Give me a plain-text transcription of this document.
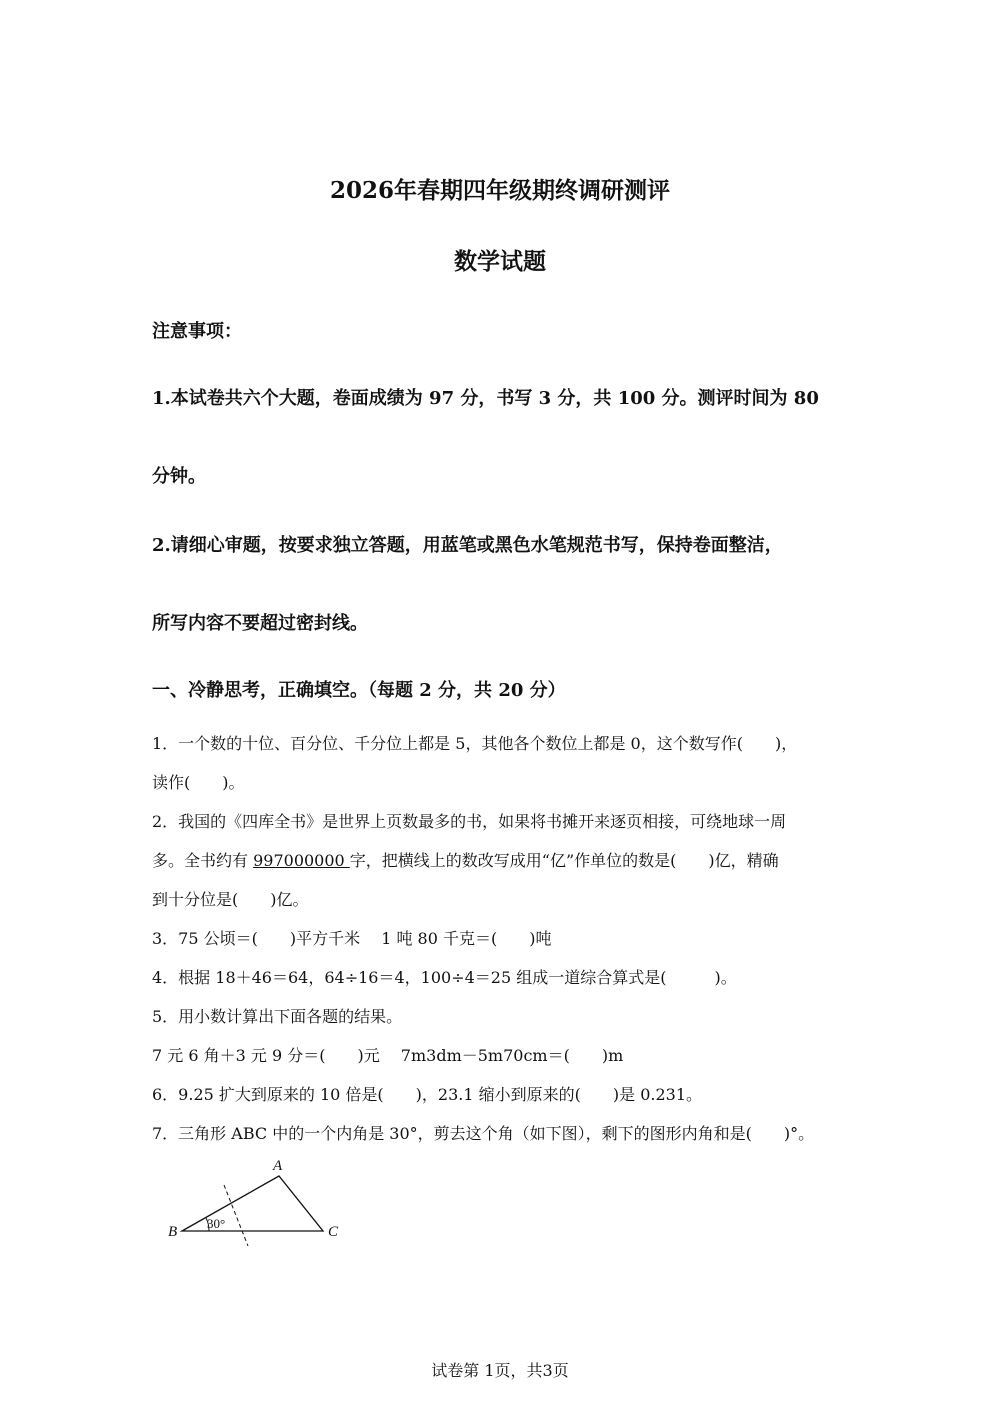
2026年春期四年级期终调研测评
数学试题
注意事项：
1.本试卷共六个大题，卷面成绩为 97 分，书写 3 分，共 100 分。测评时间为 80
分钟。
2.请细心审题，按要求独立答题，用蓝笔或黑色水笔规范书写，保持卷面整洁，
所写内容不要超过密封线。
一、冷静思考，正确填空。（每题 2 分，共 20 分）
1．一个数的十位、百分位、千分位上都是 5，其他各个数位上都是 0，这个数写作(　　)，
读作(　　)。
2．我国的《四库全书》是世界上页数最多的书，如果将书摊开来逐页相接，可绕地球一周
多。全书约有 997000000 字，把横线上的数改写成用“亿”作单位的数是(　　)亿，精确
到十分位是(　　)亿。
3．75 公顷＝(　　)平方千米　 1 吨 80 千克＝(　　)吨
4．根据 18＋46＝64，64÷16＝4，100÷4＝25 组成一道综合算式是(　　　)。
5．用小数计算出下面各题的结果。
7 元 6 角＋3 元 9 分＝(　　)元　 7m3dm－5m70cm＝(　　)m
6．9.25 扩大到原来的 10 倍是(　　)，23.1 缩小到原来的(　　)是 0.231。
7．三角形 ABC 中的一个内角是 30°，剪去这个角（如下图），剩下的图形内角和是(　　)°。
A
B	C
30°
试卷第 1页，共3页
